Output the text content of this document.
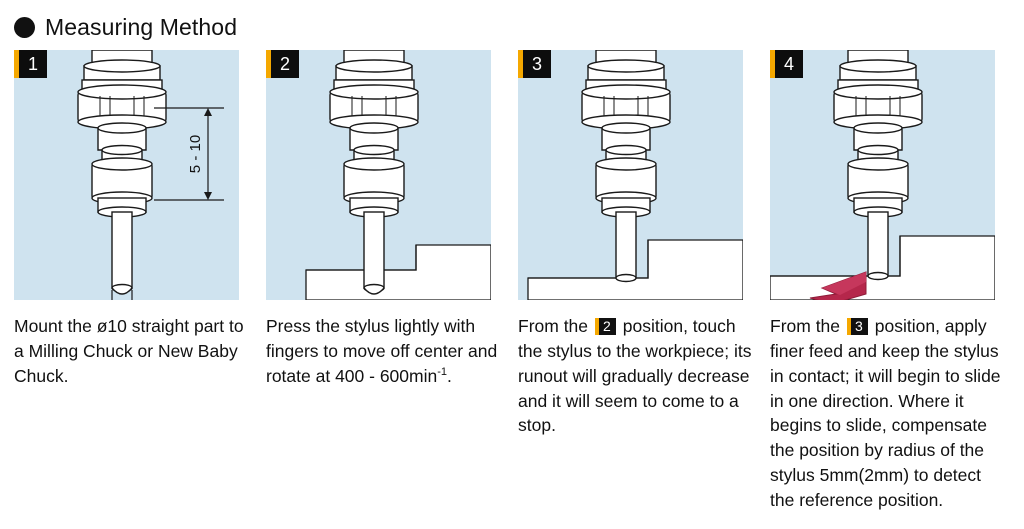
Measuring Method
1
5 - 10
Mount the ø10 straight part to a Milling Chuck or New Baby Chuck.
2
Press the stylus lightly with fingers to move off center and rotate at $400 - 600\min^{-1}$.
3
From the 2 position, touch the stylus to the workpiece; its runout will gradually decrease and it will seem to come to a stop.
4
From the 3 position, apply finer feed and keep the stylus in contact; it will begin to slide in one direction. Where it begins to slide, compensate the position by radius of the stylus 5mm(2mm) to detect the reference position.
